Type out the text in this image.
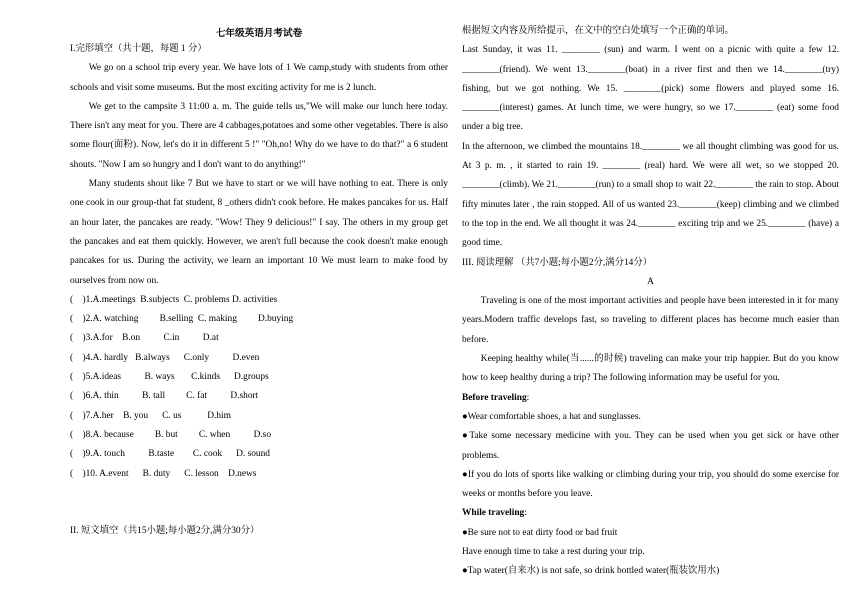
七年级英语月考试卷

I.完形填空（共十题，每题 1 分）

We go on a school trip every year. We have lots of 1 We camp,study with students from other schools and visit some museums. But the most exciting activity for me is 2 lunch.

We get to the campsite 3 11:00 a. m. The guide tells us,"We will make our lunch here today. There isn't any meat for you. There are 4 cabbages,potatoes and some other vegetables. There is also some flour(面粉). Now, let's do it in different 5 !" "Oh,no! Why do we have to do that?" a 6 student shouts. "Now I am so hungry and I don't want to do anything!"

Many students shout like 7 But we have to start or we will have nothing to eat. There is only one cook in our group-that fat student, 8 _others didn't cook before. He makes pancakes for us. Half an hour later, the pancakes are ready. "Wow! They 9 delicious!" I say. The others in my group get the pancakes and eat them quickly. However, we aren't full because the cook doesn't make enough pancakes for us. During the activity, we learn an important 10 We must learn to make food by ourselves from now on.

(    )1.A.meetings  B.subjects  C. problems D. activities

(    )2.A. watching         B.selling  C. making         D.buying

(    )3.A.for    B.on          C.in          D.at

(    )4.A. hardly   B.always      C.only          D.even

(    )5.A.ideas          B. ways       C.kinds      D.groups

(    )6.A. thin          B. tall         C. fat          D.short

(    )7.A.her    B. you      C. us           D.him

(    )8.A. because         B. but         C. when          D.so

(    )9.A. touch          B.taste        C. cook      D. sound

(    )10. A.event      B. duty      C. lesson    D.news

II. 短文填空（共15小题;每小题2分,满分30分）

根据短文内容及所给提示，在文中的空白处填写一个正确的单词。

Last Sunday, it was 11. ________ (sun) and warm. I went on a picnic with quite a few 12. ________(friend). We went 13.________(boat) in a river first and then we 14.________(try) fishing, but we got nothing. We 15. ________(pick) some flowers and played some 16. ________(interest) games. At lunch time, we were hungry, so we 17.________ (eat) some food under a big tree.

In the afternoon, we climbed the mountains 18.________ we all thought climbing was good for us. At 3 p. m. , it started to rain 19. ________ (real) hard. We were all wet, so we stopped 20. ________(climb). We 21.________(run) to a small shop to wait 22.________ the rain to stop. About fifty minutes later , the rain stopped. All of us wanted 23.________(keep) climbing and we climbed to the top in the end. We all thought it was 24.________ exciting trip and we 25.________ (have) a good time.

III. 阅读理解 （共7小题;每小题2分,满分14分）

A

Traveling is one of the most important activities and people have been interested in it for many years.Modern traffic develops fast, so traveling to different places has become much easier than before.

Keeping healthy while(当......的时候) traveling can make your trip happier. But do you know how to keep healthy during a trip? The following information may be useful for you.

Before traveling:

●Wear comfortable shoes, a hat and sunglasses.

●Take some necessary medicine with you. They can be used when you get sick or have other problems.

●If you do lots of sports like walking or climbing during your trip, you should do some exercise for weeks or months before you leave.

While traveling:

●Be sure not to eat dirty food or bad fruit

Have enough time to take a rest during your trip.

●Tap water(自来水) is not safe, so drink bottled water(瓶装饮用水)
